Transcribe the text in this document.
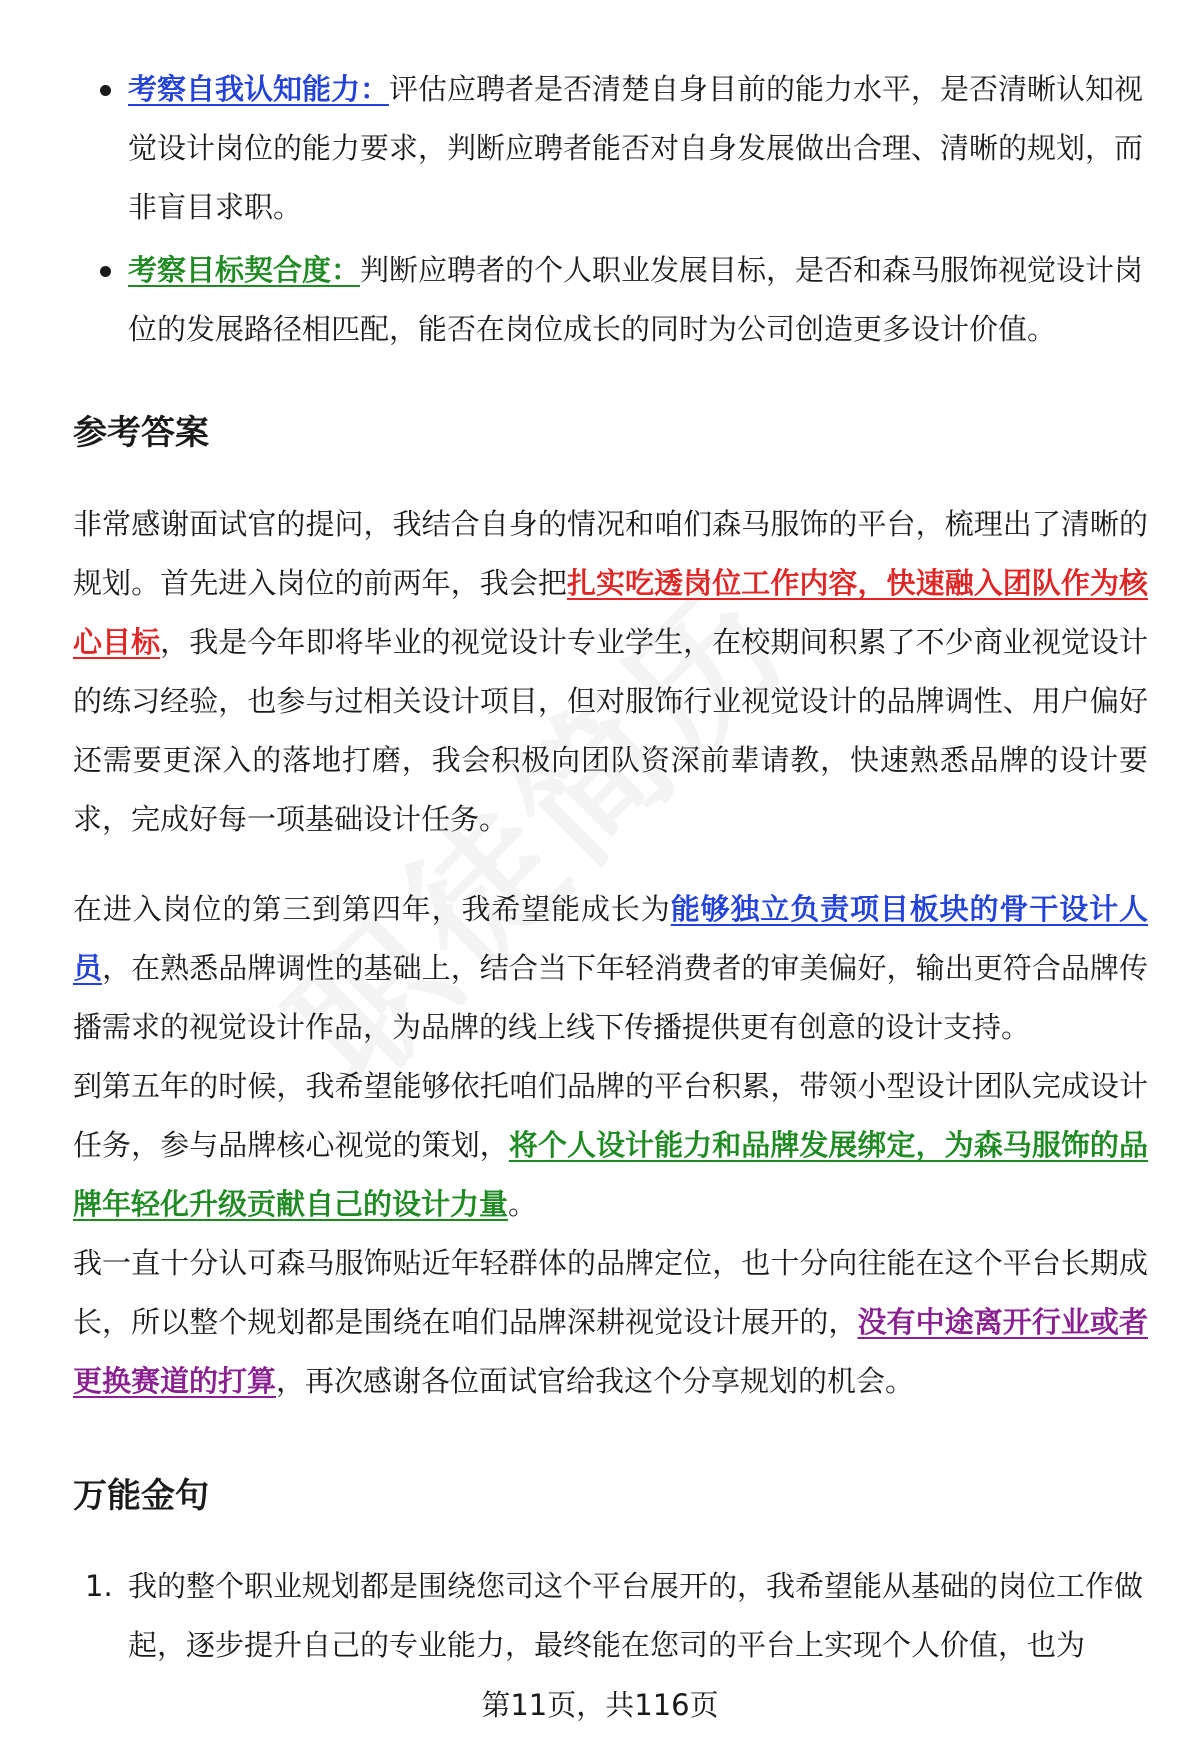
考察自我认知能力：评估应聘者是否清楚自身目前的能力水平，是否清晰认知视觉设计岗位的能力要求，判断应聘者能否对自身发展做出合理、清晰的规划，而非盲目求职。
考察目标契合度：判断应聘者的个人职业发展目标，是否和森马服饰视觉设计岗位的发展路径相匹配，能否在岗位成长的同时为公司创造更多设计价值。
参考答案

非常感谢面试官的提问，我结合自身的情况和咱们森马服饰的平台，梳理出了清晰的规划。首先进入岗位的前两年，我会把扎实吃透岗位工作内容，快速融入团队作为核心目标，我是今年即将毕业的视觉设计专业学生，在校期间积累了不少商业视觉设计的练习经验，也参与过相关设计项目，但对服饰行业视觉设计的品牌调性、用户偏好还需要更深入的落地打磨，我会积极向团队资深前辈请教，快速熟悉品牌的设计要求，完成好每一项基础设计任务。

在进入岗位的第三到第四年，我希望能成长为能够独立负责项目板块的骨干设计人员，在熟悉品牌调性的基础上，结合当下年轻消费者的审美偏好，输出更符合品牌传播需求的视觉设计作品，为品牌的线上线下传播提供更有创意的设计支持。

到第五年的时候，我希望能够依托咱们品牌的平台积累，带领小型设计团队完成设计任务，参与品牌核心视觉的策划，将个人设计能力和品牌发展绑定，为森马服饰的品牌年轻化升级贡献自己的设计力量。

我一直十分认可森马服饰贴近年轻群体的品牌定位，也十分向往能在这个平台长期成长，所以整个规划都是围绕在咱们品牌深耕视觉设计展开的，没有中途离开行业或者更换赛道的打算，再次感谢各位面试官给我这个分享规划的机会。

万能金句
1. 我的整个职业规划都是围绕您司这个平台展开的，我希望能从基础的岗位工作做起，逐步提升自己的专业能力，最终能在您司的平台上实现个人价值，也为
第11页，共116页
